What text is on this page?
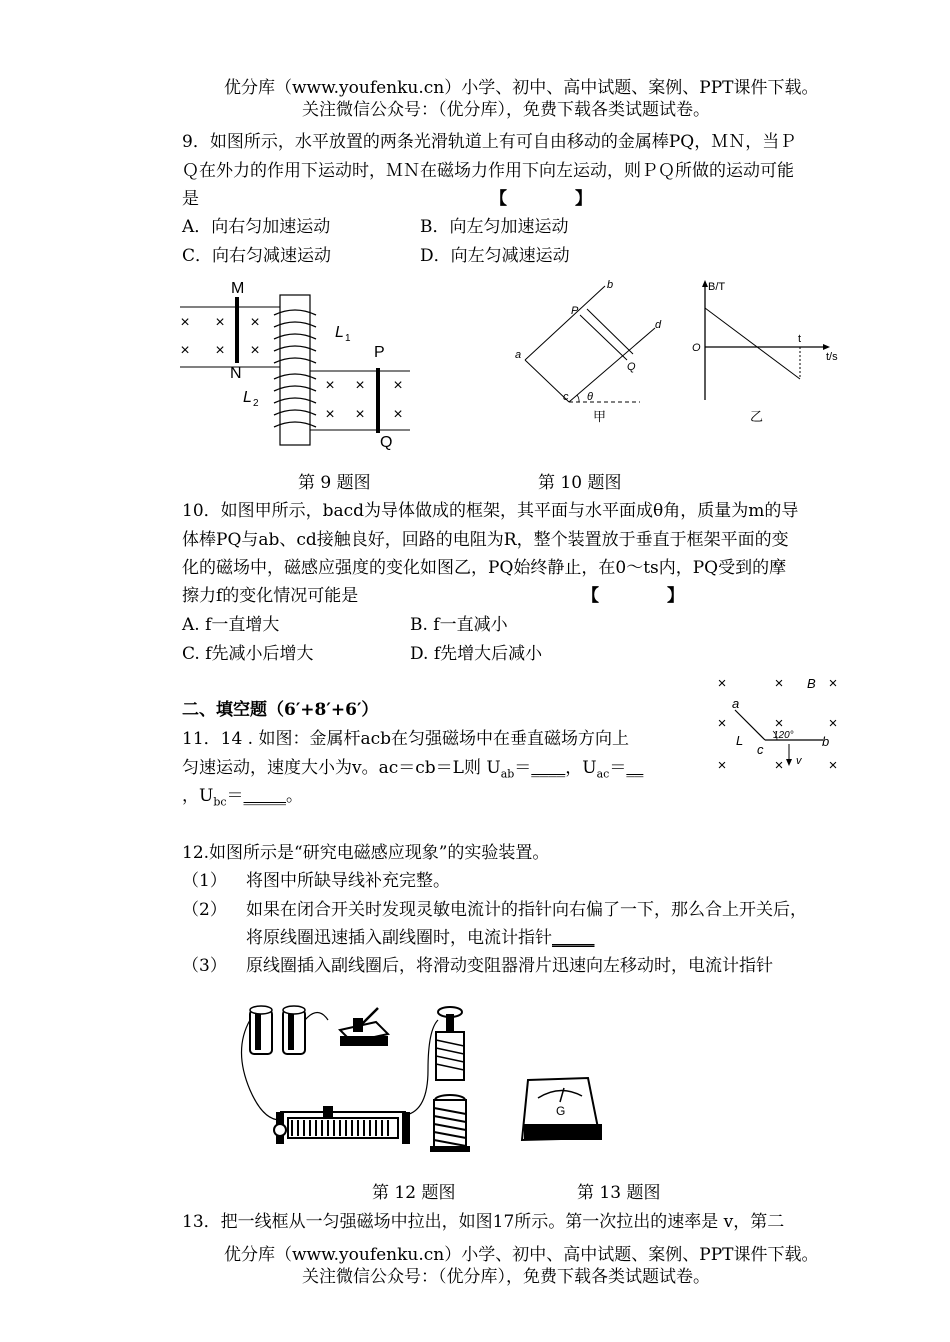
优分库（www.youfenku.cn）小学、初中、高中试题、案例、PPT课件下载。
关注微信公众号：（优分库），免费下载各类试题试卷。
9．如图所示，水平放置的两条光滑轨道上有可自由移动的金属棒PQ，ＭＮ，当Ｐ
Ｑ在外力的作用下运动时，ＭＮ在磁场力作用下向左运动，则ＰＱ所做的运动可能
是	【　　　　】
A．向右匀加速运动	B．向左匀加速运动
C．向右匀减速运动	D．向左匀减速运动
× × ×
× × ×
× × ×
× × ×
M
N
P
Q
L 1
L 2
b
P
d
a
Q
c θ
甲
B/T
O
t
t/s
乙
第 9 题图	第 10 题图
10．如图甲所示，bacd为导体做成的框架，其平面与水平面成θ角，质量为m的导
体棒PQ与ab、cd接触良好，回路的电阻为R，整个装置放于垂直于框架平面的变
化的磁场中，磁感应强度的变化如图乙，PQ始终静止，在0～ts内，PQ受到的摩
擦力f的变化情况可能是	【　　　　】
A. f一直增大	B. f一直减小
C. f先减小后增大	D. f先增大后减小
二、填空题（6′+8′+6′）
×	×	×
×	×	×
×	×	×
B
a
L
c
b
v
120°
11．14 . 如图：金属杆acb在匀强磁场中在垂直磁场方向上
匀速运动，速度大小为v。ac＝cb＝L则 $U_{ab}=\_\_\_\_$，$U_{ac}=\_\_$
，$U_{bc}=\_\_\_\_\_$。
12.如图所示是“研究电磁感应现象”的实验装置。
（1） 将图中所缺导线补充完整。
（2） 如果在闭合开关时发现灵敏电流计的指针向右偏了一下，那么合上开关后，
将原线圈迅速插入副线圈时，电流计指针_____
（3） 原线圈插入副线圈后，将滑动变阻器滑片迅速向左移动时，电流计指针
G
第 12 题图	第 13 题图
13．把一线框从一匀强磁场中拉出，如图17所示。第一次拉出的速率是 v，第二
优分库（www.youfenku.cn）小学、初中、高中试题、案例、PPT课件下载。
关注微信公众号：（优分库），免费下载各类试题试卷。
